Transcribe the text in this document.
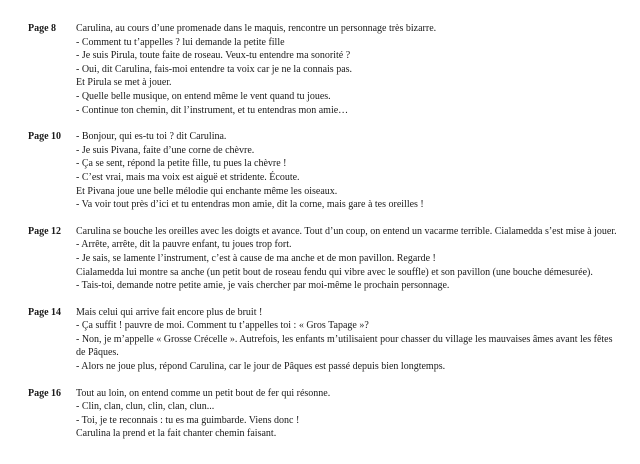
Page 8	Carulina, au cours d’une promenade dans le maquis, rencontre un personnage très bizarre.

- Comment tu t’appelles ? lui demande la petite fille

- Je suis Pirula, toute faite de roseau. Veux-tu entendre ma sonorité ?

- Oui, dit Carulina, fais-moi entendre ta voix car je ne la connais pas.

Et Pirula se met à jouer.

- Quelle belle musique, on entend même le vent quand tu joues.

- Continue ton chemin, dit l’instrument, et tu entendras mon amie…

Page 10	- Bonjour, qui es-tu toi ? dit Carulina.

- Je suis Pivana, faite d’une corne de chèvre.

- Ça se sent, répond la petite fille, tu pues la chèvre !

- C’est vrai, mais ma voix est aiguë et stridente. Écoute.

Et Pivana joue une belle mélodie qui enchante même les oiseaux.

- Va voir tout près d’ici et tu entendras mon amie, dit la corne, mais gare à tes oreilles !

Page 12	Carulina se bouche les oreilles avec les doigts et avance. Tout d’un coup, on entend un vacarme terrible. Cialamedda s’est mise à jouer.

- Arrête, arrête, dit la pauvre enfant, tu joues trop fort.

- Je sais, se lamente l’instrument, c’est à cause de ma anche et de mon pavillon. Regarde !

Cialamedda lui montre sa anche (un petit bout de roseau fendu qui vibre avec le souffle) et son pavillon (une bouche démesurée).

- Tais-toi, demande notre petite amie, je vais chercher par moi-même le prochain personnage.

Page 14	Mais celui qui arrive fait encore plus de bruit !

- Ça suffit ! pauvre de moi. Comment tu t’appelles toi : « Gros Tapage »?

- Non, je m’appelle « Grosse Crécelle ». Autrefois, les enfants m’utilisaient pour chasser du village les mauvaises âmes avant les fêtes de Pâques.

- Alors ne joue plus, répond Carulina, car le jour de Pâques est passé depuis bien longtemps.

Page 16	Tout au loin, on entend comme un petit bout de fer qui résonne.

- Clin, clan, clun, clin, clan, clun...

- Toi, je te reconnais : tu es ma guimbarde. Viens donc !

Carulina la prend et la fait chanter chemin faisant.
